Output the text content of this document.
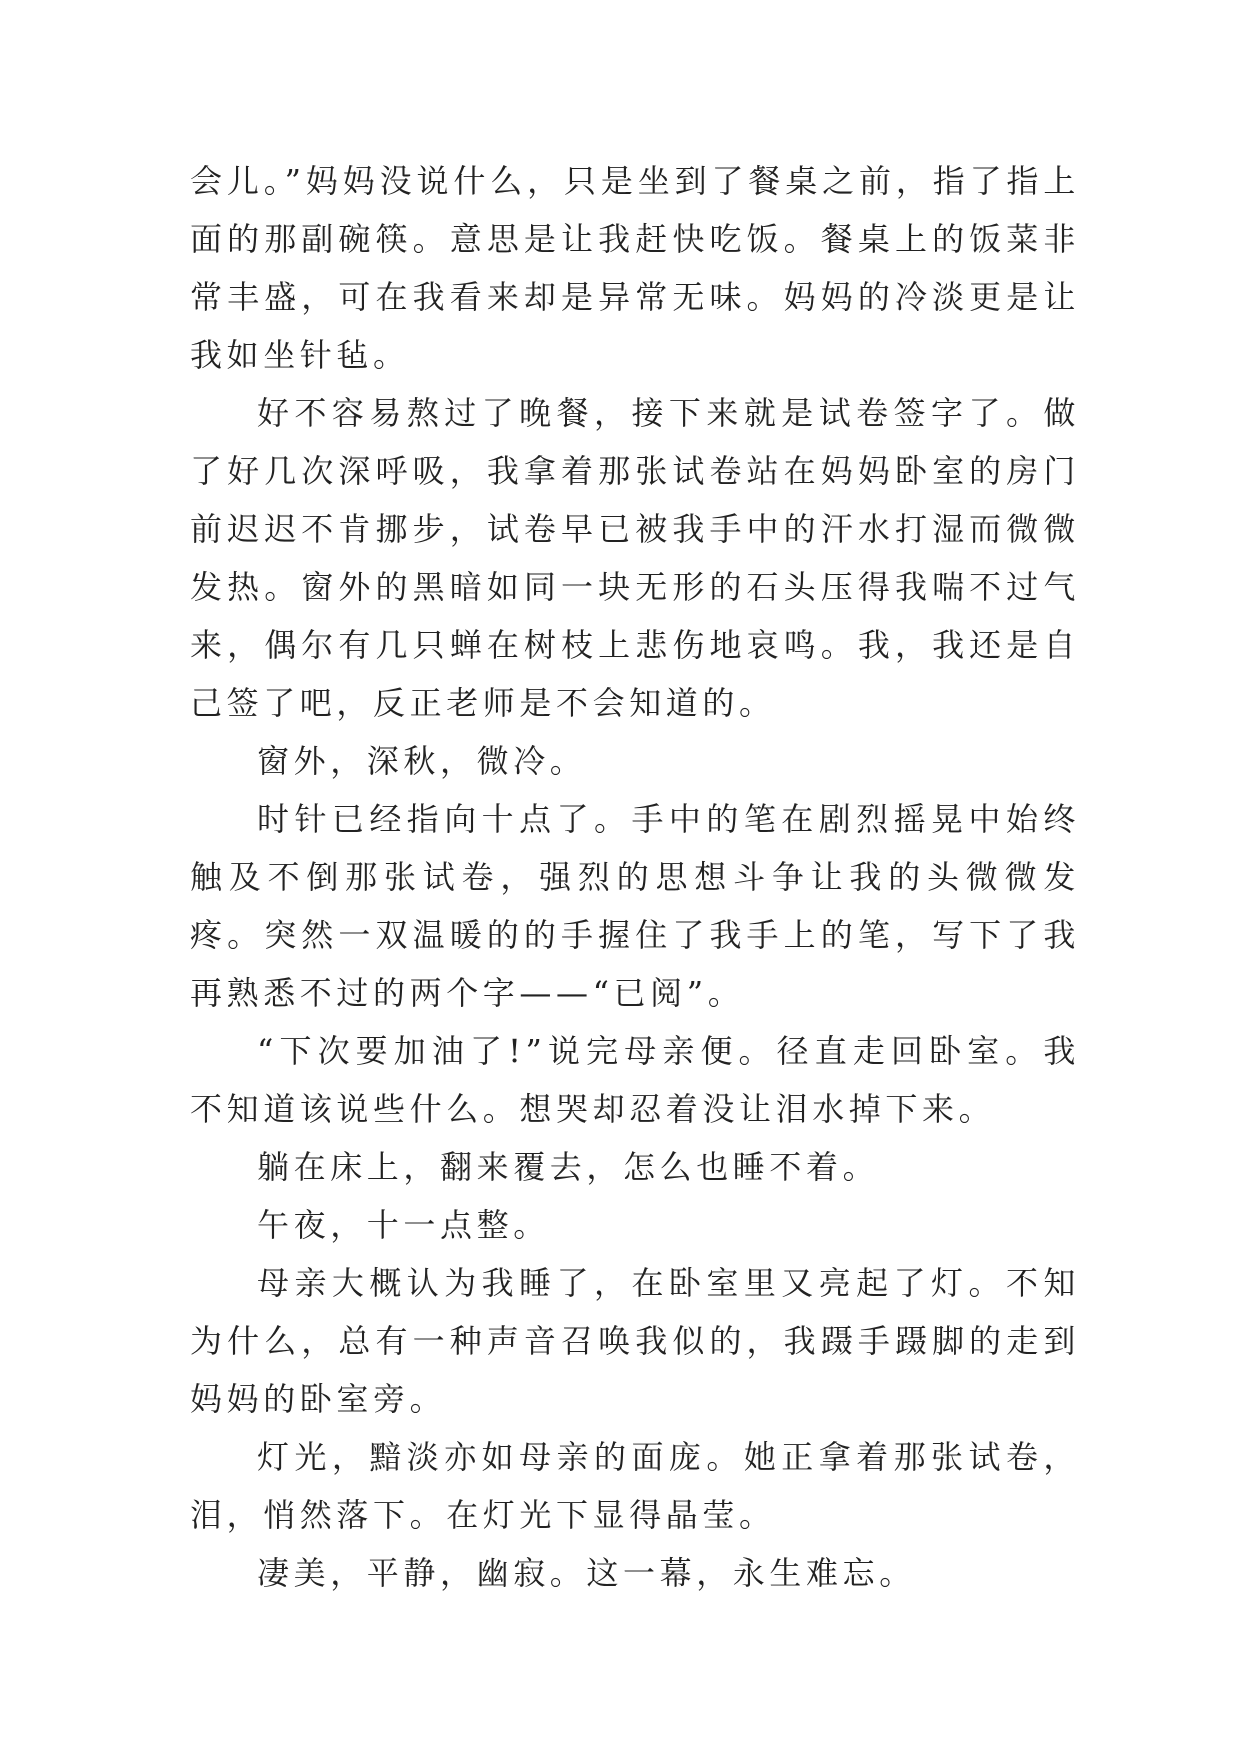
会儿。”妈妈没说什么，只是坐到了餐桌之前，指了指上面的那副碗筷。意思是让我赶快吃饭。餐桌上的饭菜非常丰盛，可在我看来却是异常无味。妈妈的冷淡更是让我如坐针毡。

好不容易熬过了晚餐，接下来就是试卷签字了。做了好几次深呼吸，我拿着那张试卷站在妈妈卧室的房门前迟迟不肯挪步，试卷早已被我手中的汗水打湿而微微发热。窗外的黑暗如同一块无形的石头压得我喘不过气来，偶尔有几只蝉在树枝上悲伤地哀鸣。我，我还是自己签了吧，反正老师是不会知道的。

窗外，深秋，微冷。

时针已经指向十点了。手中的笔在剧烈摇晃中始终触及不倒那张试卷，强烈的思想斗争让我的头微微发疼。突然一双温暖的的手握住了我手上的笔，写下了我再熟悉不过的两个字——“已阅”。

“下次要加油了!”说完母亲便。径直走回卧室。我不知道该说些什么。想哭却忍着没让泪水掉下来。

躺在床上，翻来覆去，怎么也睡不着。

午夜，十一点整。

母亲大概认为我睡了，在卧室里又亮起了灯。不知为什么，总有一种声音召唤我似的，我蹑手蹑脚的走到妈妈的卧室旁。

灯光，黯淡亦如母亲的面庞。她正拿着那张试卷，泪，悄然落下。在灯光下显得晶莹。

凄美，平静，幽寂。这一幕，永生难忘。
